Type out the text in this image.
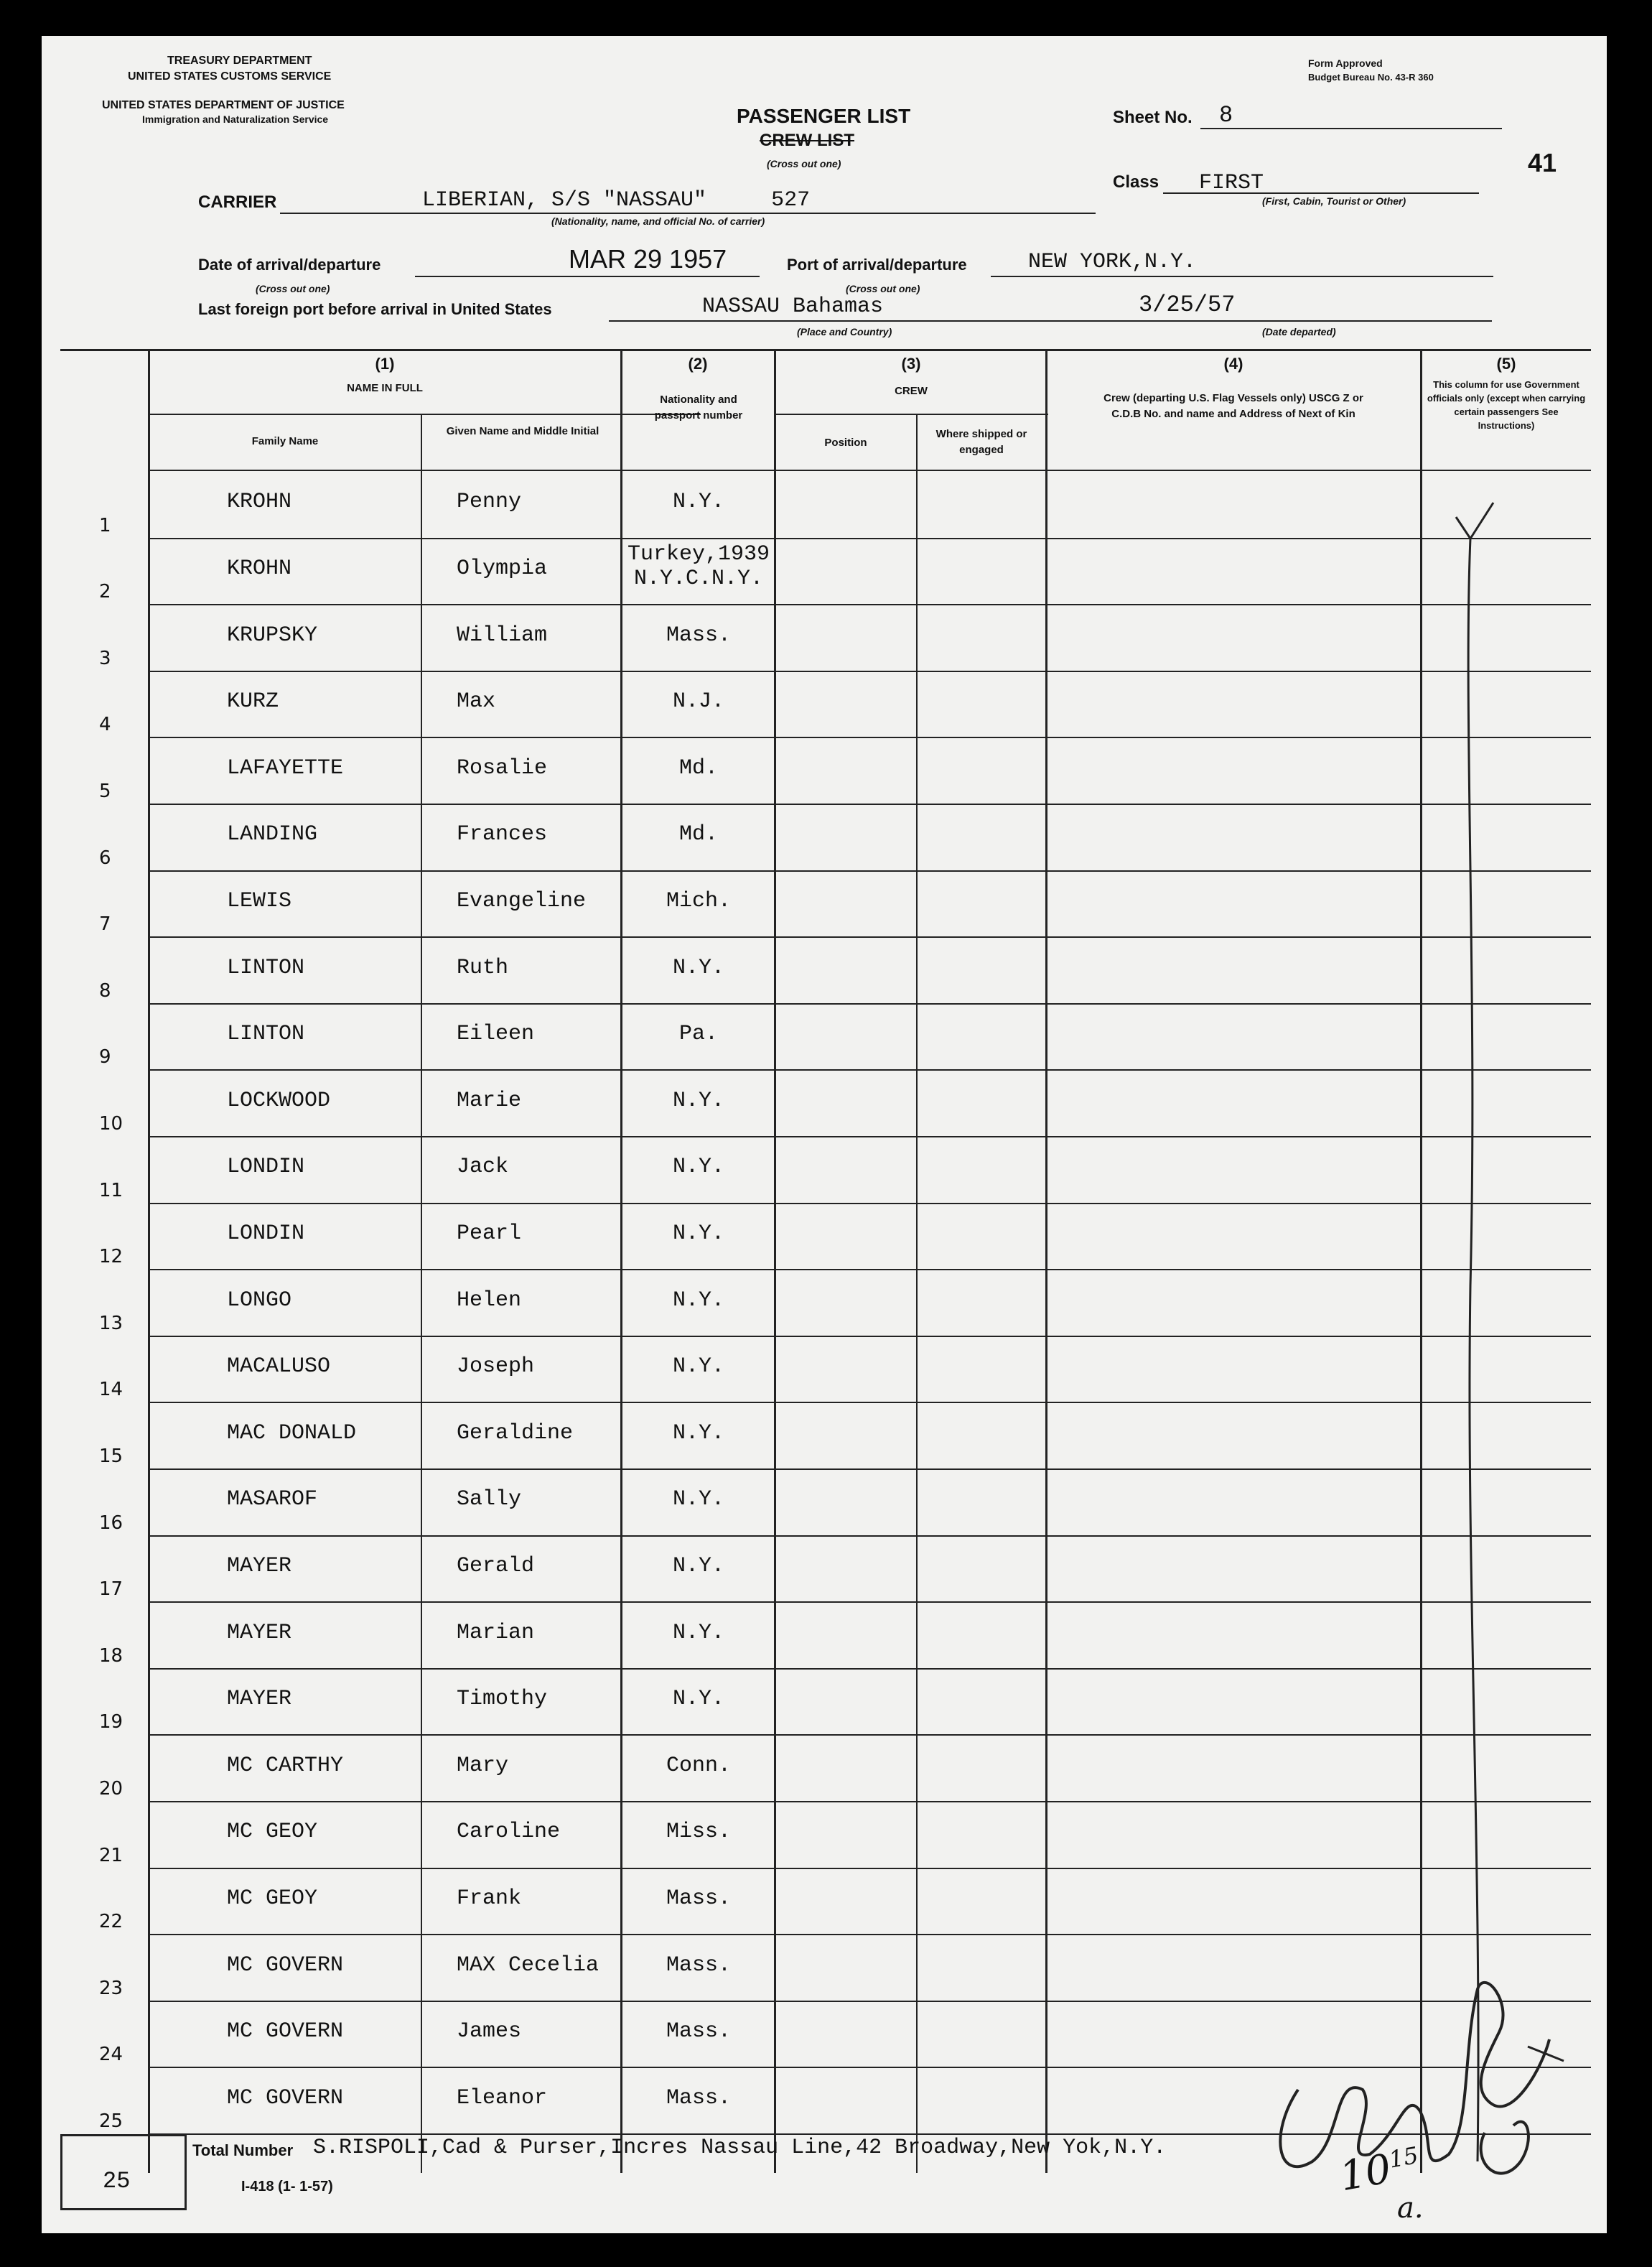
TREASURY DEPARTMENT
UNITED STATES CUSTOMS SERVICE
UNITED STATES DEPARTMENT OF JUSTICE
Immigration and Naturalization Service
Form Approved
Budget Bureau No. 43-R 360
PASSENGER LIST
CREW LIST
(Cross out one)
Sheet No. 8
41
Class FIRST
(First, Cabin, Tourist or Other)
CARRIER	LIBERIAN, S/S "NASSAU"     527
(Nationality, name, and official No. of carrier)
Date of arrival/departure
(Cross out one)
MAR 29 1957	Port of arrival/departure
(Cross out one)
NEW YORK,N.Y.
Last foreign port before arrival in United States	NASSAU Bahamas
(Place and Country)
3/25/57
(Date departed)
(1)
NAME IN FULL
Family Name
Given Name and Middle Initial
(2)
Nationality and passport number
(3)
CREW
Position
Where shipped or engaged
(4)
Crew (departing U.S. Flag Vessels only) USCG Z or C.D.B No. and name and Address of Next of Kin
(5)
This column for use Government officials only (except when carrying certain passengers See Instructions)
KROHN	Penny	N.Y.
1
KROHN	Olympia
Turkey,1939
N.Y.C.N.Y.
2
KRUPSKY	William	Mass.
3
KURZ	Max	N.J.
4
LAFAYETTE	Rosalie	Md.
5
LANDING	Frances	Md.
6
LEWIS	Evangeline	Mich.
7
LINTON	Ruth	N.Y.
8
LINTON	Eileen	Pa.
9
LOCKWOOD	Marie	N.Y.
10
LONDIN	Jack	N.Y.
11
LONDIN	Pearl	N.Y.
12
LONGO	Helen	N.Y.
13
MACALUSO	Joseph	N.Y.
14
MAC DONALD	Geraldine	N.Y.
15
MASAROF	Sally	N.Y.
16
MAYER	Gerald	N.Y.
17
MAYER	Marian	N.Y.
18
MAYER	Timothy	N.Y.
19
MC CARTHY	Mary	Conn.
20
MC GEOY	Caroline	Miss.
21
MC GEOY	Frank	Mass.
22
MC GOVERN	MAX Cecelia	Mass.
23
MC GOVERN	James	Mass.
24
MC GOVERN	Eleanor	Mass.
25
25
Total Number S.RISPOLI,Cad & Purser,Incres Nassau Line,42 Broadway,New Yok,N.Y.
I-418 (1- 1-57)	$10^{15}$
a.
